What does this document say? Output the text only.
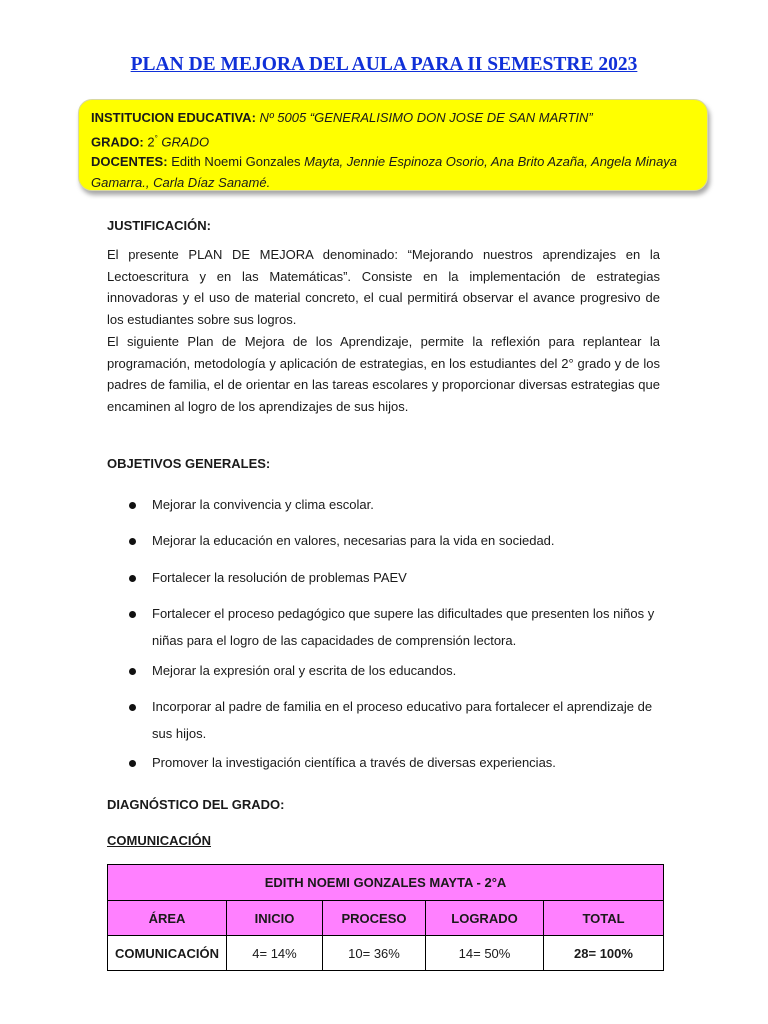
PLAN DE MEJORA DEL AULA PARA II SEMESTRE 2023
INSTITUCION EDUCATIVA: Nº 5005 “GENERALISIMO DON JOSE DE SAN MARTIN”
GRADO: 2° GRADO
DOCENTES: Edith Noemi Gonzales Mayta, Jennie Espinoza Osorio, Ana Brito Azaña, Angela Minaya
Gamarra., Carla Díaz Sanamé.
JUSTIFICACIÓN:

El presente PLAN DE MEJORA denominado: “Mejorando nuestros aprendizajes en la Lectoescritura y en las Matemáticas”. Consiste en la implementación de estrategias innovadoras y el uso de material concreto, el cual permitirá observar el avance progresivo de los estudiantes sobre sus logros.

El siguiente Plan de Mejora de los Aprendizaje, permite la reflexión para replantear la programación, metodología y aplicación de estrategias, en los estudiantes del 2° grado y de los padres de familia, el de orientar en las tareas escolares y proporcionar diversas estrategias que encaminen al logro de los aprendizajes de sus hijos.

OBJETIVOS GENERALES:
Mejorar la convivencia y clima escolar.
Mejorar la educación en valores, necesarias para la vida en sociedad.
Fortalecer la resolución de problemas PAEV
Fortalecer el proceso pedagógico que supere las dificultades que presenten los niños y niñas para el logro de las capacidades de comprensión lectora.
Mejorar la expresión oral y escrita de los educandos.
Incorporar al padre de familia en el proceso educativo para fortalecer el aprendizaje de sus hijos.
Promover la investigación científica a través de diversas experiencias.
DIAGNÓSTICO DEL GRADO:
COMUNICACIÓN
EDITH NOEMI GONZALES MAYTA - 2°A				
ÁREA	INICIO	PROCESO	LOGRADO	TOTAL
COMUNICACIÓN	4= 14%	10= 36%	14= 50%	28= 100%
